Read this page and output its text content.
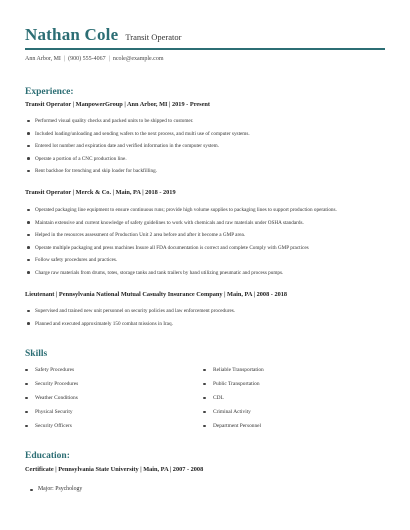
Nathan Cole Transit Operator
Ann Arbor, MI | (900) 555-4067 | ncole@example.com
Experience:
Transit Operator | ManpowerGroup | Ann Arbor, MI | 2019 - Present
Performed visual quality checks and packed units to be shipped to customer.
Included loading/unloading and sending wafers to the next process, and multi use of computer systems.
Entered lot number and expiration date and verified information in the computer system.
Operate a portion of a CNC production line.
Rent backhoe for trenching and skip loader for backfilling.
Transit Operator | Merck & Co. | Main, PA | 2018 - 2019
Operated packaging line equipment to ensure continuous runs; provide high volume supplies to packaging lines to support production operations.
Maintain extensive and current knowledge of safety guidelines to work with chemicals and raw materials under OSHA standards.
Helped in the resources assessment of Production Unit 2 area before and after it become a GMP area.
Operate multiple packaging and press machines Insure all FDA documentation is correct and complete Comply with GMP practices
Follow safety procedures and practices.
Charge raw materials from drums, totes, storage tanks and tank trailers by hand utilizing pneumatic and process pumps.
Lieutenant | Pennsylvania National Mutual Casualty Insurance Company | Main, PA | 2008 - 2018
Supervised and trained new unit personnel on security policies and law enforcement procedures.
Planned and executed approximately 150 combat missions in Iraq.
Skills
Safety Procedures
Security Procedures
Weather Conditions
Physical Security
Security Officers
Reliable Transportation
Public Transportation
CDL
Criminal Activity
Department Personnel
Education:
Certificate | Pennsylvania State University | Main, PA | 2007 - 2008
Major: Psychology
